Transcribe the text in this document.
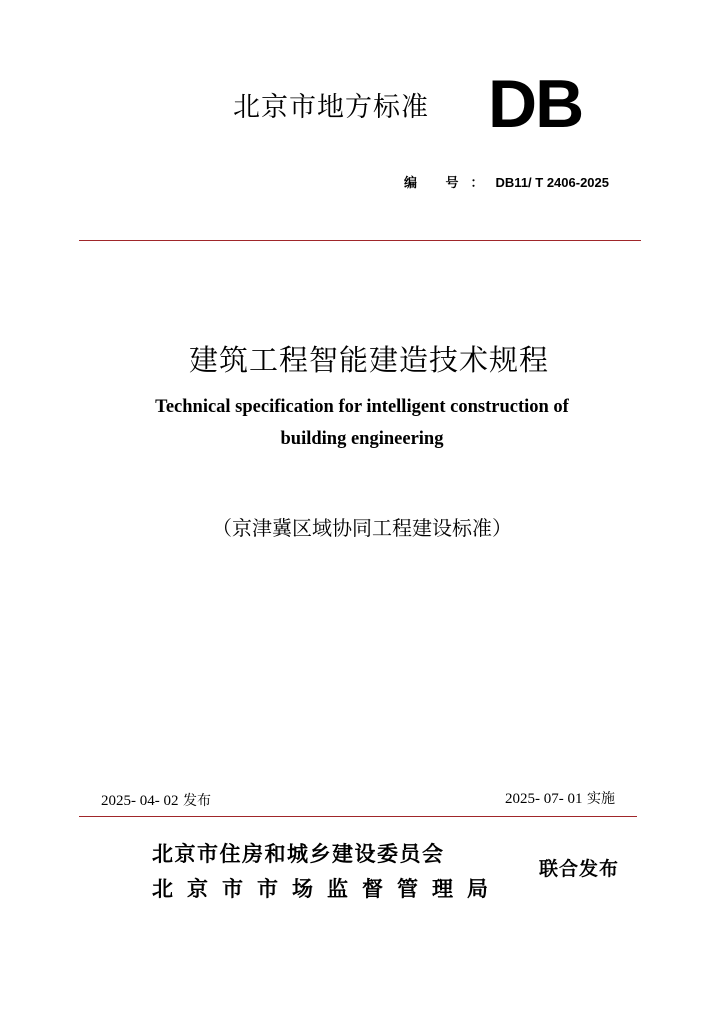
北京市地方标准 DB
编 号：DB11/ T 2406-2025
建筑工程智能建造技术规程
Technical specification for intelligent construction of
building engineering
（京津冀区域协同工程建设标准）
2025- 04- 02 发布	2025- 07- 01 实施
北京市住房和城乡建设委员会
北京市市场监督管理局
联合发布
